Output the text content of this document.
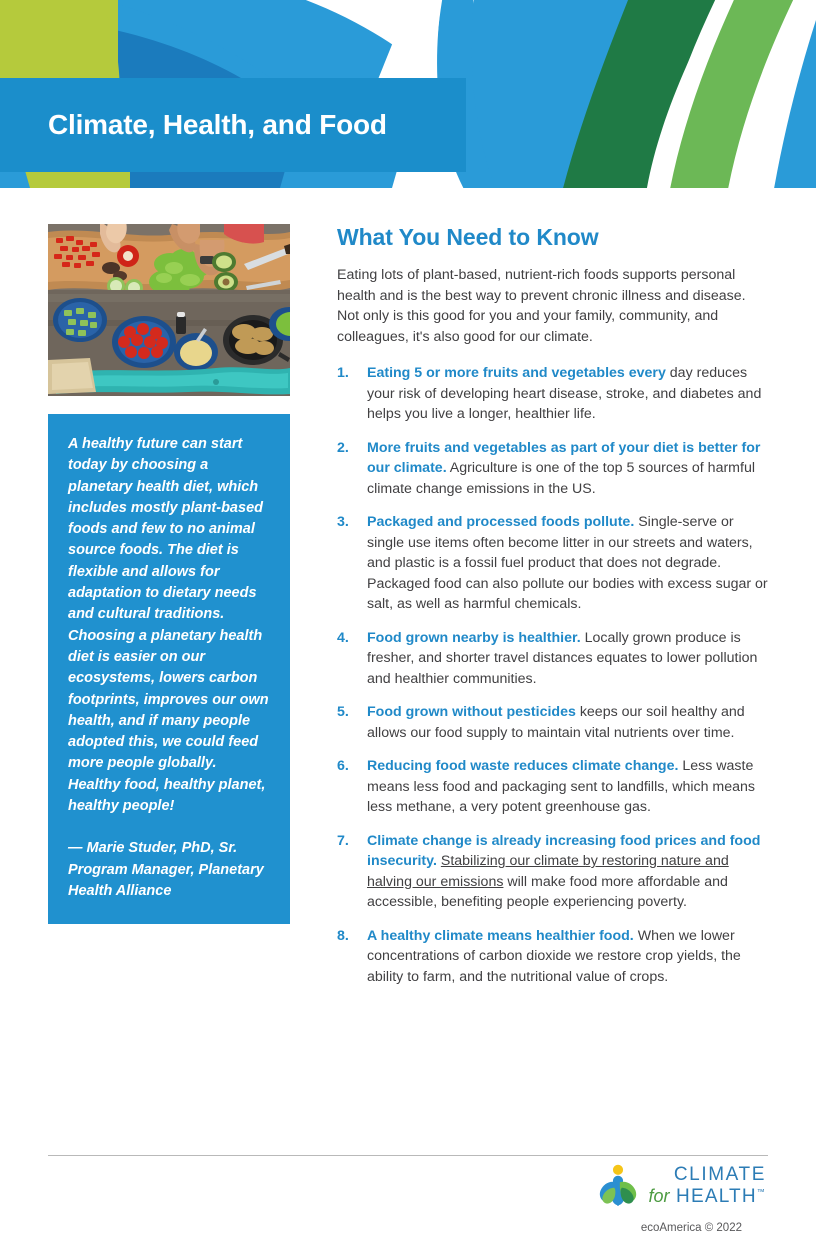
Climate, Health, and Food

A healthy future can start today by choosing a planetary health diet, which includes mostly plant-based foods and few to no animal source foods. The diet is flexible and allows for adaptation to dietary needs and cultural traditions. Choosing a planetary health diet is easier on our ecosystems, lowers carbon footprints, improves our own health, and if many people adopted this, we could feed more people globally. Healthy food, healthy planet, healthy people!

— Marie Studer, PhD, Sr. Program Manager, Planetary Health Alliance

What You Need to Know

Eating lots of plant-based, nutrient-rich foods supports personal health and is the best way to prevent chronic illness and disease. Not only is this good for you and your family, community, and colleagues, it's also good for our climate.

Eating 5 or more fruits and vegetables every day reduces your risk of developing heart disease, stroke, and diabetes and helps you live a longer, healthier life.
More fruits and vegetables as part of your diet is better for our climate. Agriculture is one of the top 5 sources of harmful climate change emissions in the US.
Packaged and processed foods pollute. Single-serve or single use items often become litter in our streets and waters, and plastic is a fossil fuel product that does not degrade. Packaged food can also pollute our bodies with excess sugar or salt, as well as harmful chemicals.
Food grown nearby is healthier. Locally grown produce is fresher, and shorter travel distances equates to lower pollution and healthier communities.
Food grown without pesticides keeps our soil healthy and allows our food supply to maintain vital nutrients over time.
Reducing food waste reduces climate change. Less waste means less food and packaging sent to landfills, which means less methane, a very potent greenhouse gas.
Climate change is already increasing food prices and food insecurity. Stabilizing our climate by restoring nature and halving our emissions will make food more affordable and accessible, benefiting people experiencing poverty.
A healthy climate means healthier food. When we lower concentrations of carbon dioxide we restore crop yields, the ability to farm, and the nutritional value of crops.
CLIMATE
for HEALTH™
ecoAmerica © 2022
